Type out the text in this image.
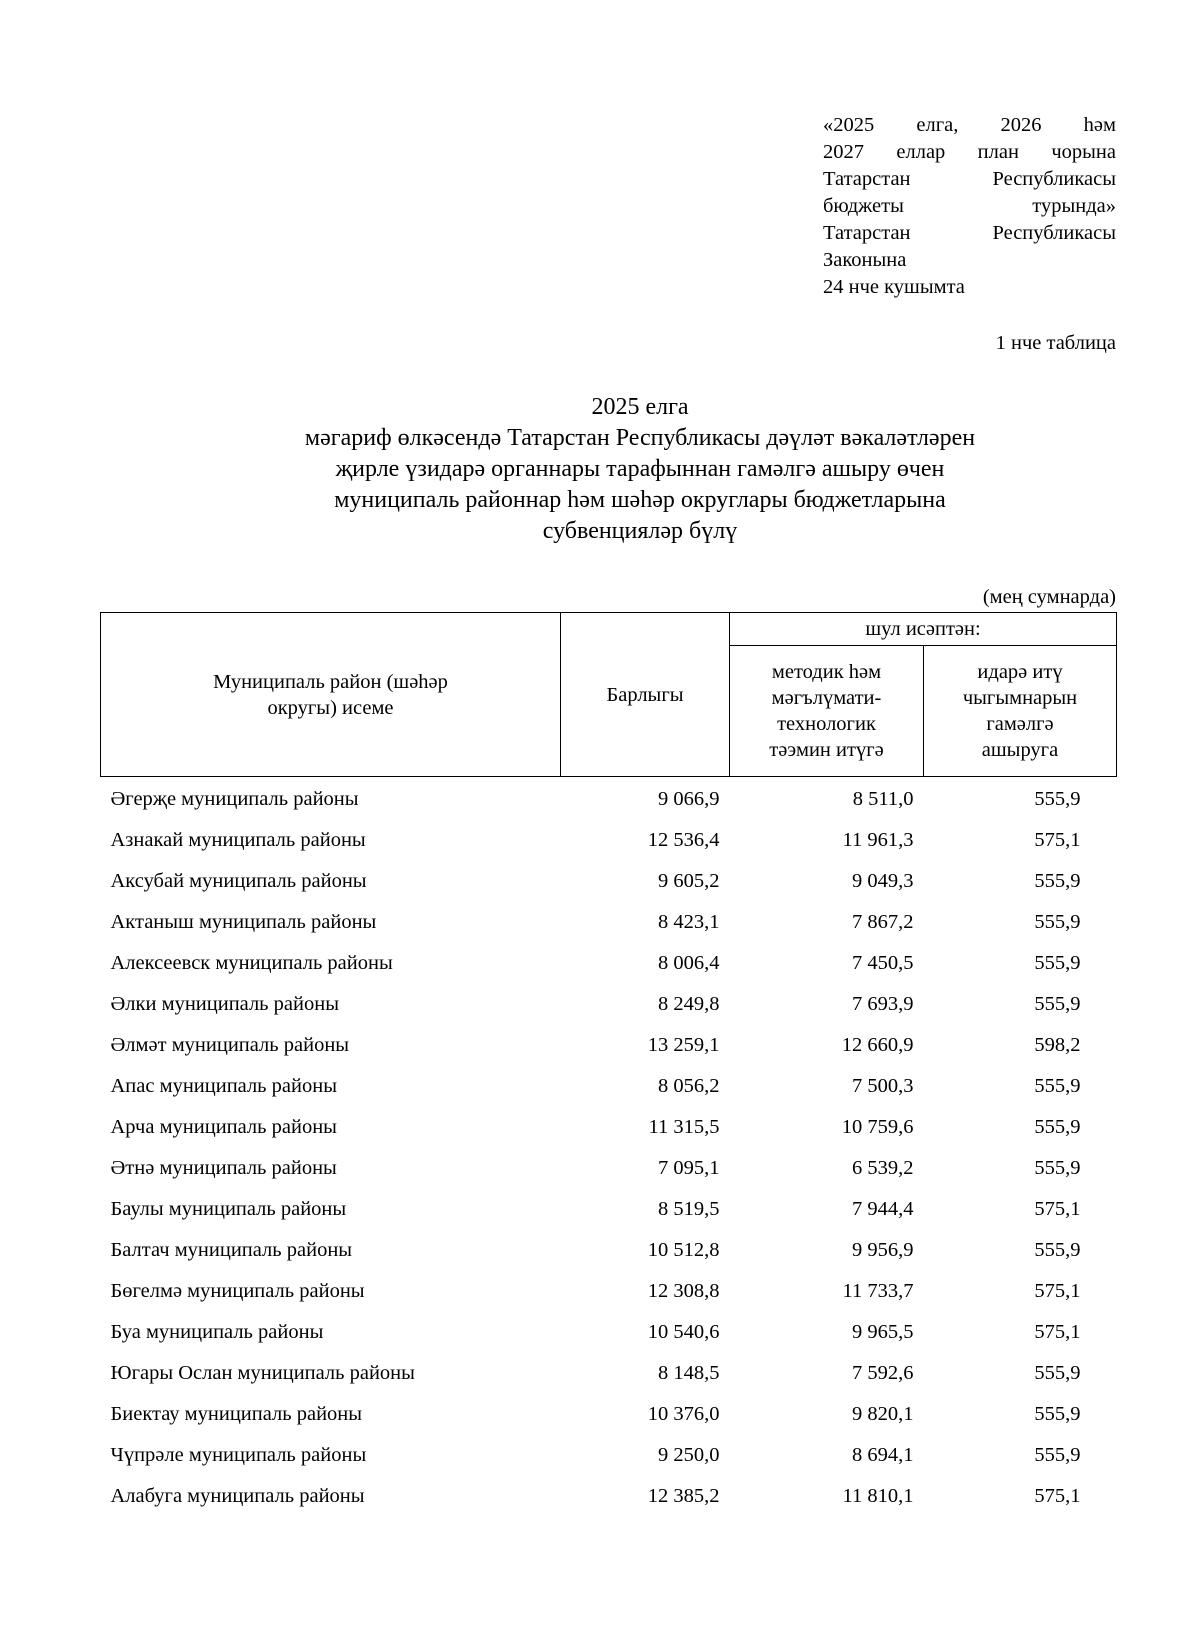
«2025 елга, 2026 һәм
2027 еллар план чорына
Татарстан Республикасы
бюджеты турында»
Татарстан Республикасы
Законына
24 нче кушымта
1 нче таблица
2025 елга
мәгариф өлкәсендә Татарстан Республикасы дәүләт вәкаләтләрен
җирле үзидарә органнары тарафыннан гамәлгә ашыру өчен
муниципаль районнар һәм шәһәр округлары бюджетларына
субвенцияләр бүлү
(мең сумнарда)
Муниципаль район (шәһәр округы) исеме	Барлыгы	шул исәптән:	

		методик һәм мәгълүмати-технологик тәэмин итүгә	идарә итү чыгымнарын гамәлгә ашыруга

Әгерҗе муниципаль районы	9 066,9	8 511,0	555,9
Азнакай муниципаль районы	12 536,4	11 961,3	575,1
Аксубай муниципаль районы	9 605,2	9 049,3	555,9
Актаныш муниципаль районы	8 423,1	7 867,2	555,9
Алексеевск муниципаль районы	8 006,4	7 450,5	555,9
Әлки муниципаль районы	8 249,8	7 693,9	555,9
Әлмәт муниципаль районы	13 259,1	12 660,9	598,2
Апас муниципаль районы	8 056,2	7 500,3	555,9
Арча муниципаль районы	11 315,5	10 759,6	555,9
Әтнә муниципаль районы	7 095,1	6 539,2	555,9
Баулы муниципаль районы	8 519,5	7 944,4	575,1
Балтач муниципаль районы	10 512,8	9 956,9	555,9
Бөгелмә муниципаль районы	12 308,8	11 733,7	575,1
Буа муниципаль районы	10 540,6	9 965,5	575,1
Югары Ослан муниципаль районы	8 148,5	7 592,6	555,9
Биектау муниципаль районы	10 376,0	9 820,1	555,9
Чүпрәле муниципаль районы	9 250,0	8 694,1	555,9
Алабуга муниципаль районы	12 385,2	11 810,1	575,1
